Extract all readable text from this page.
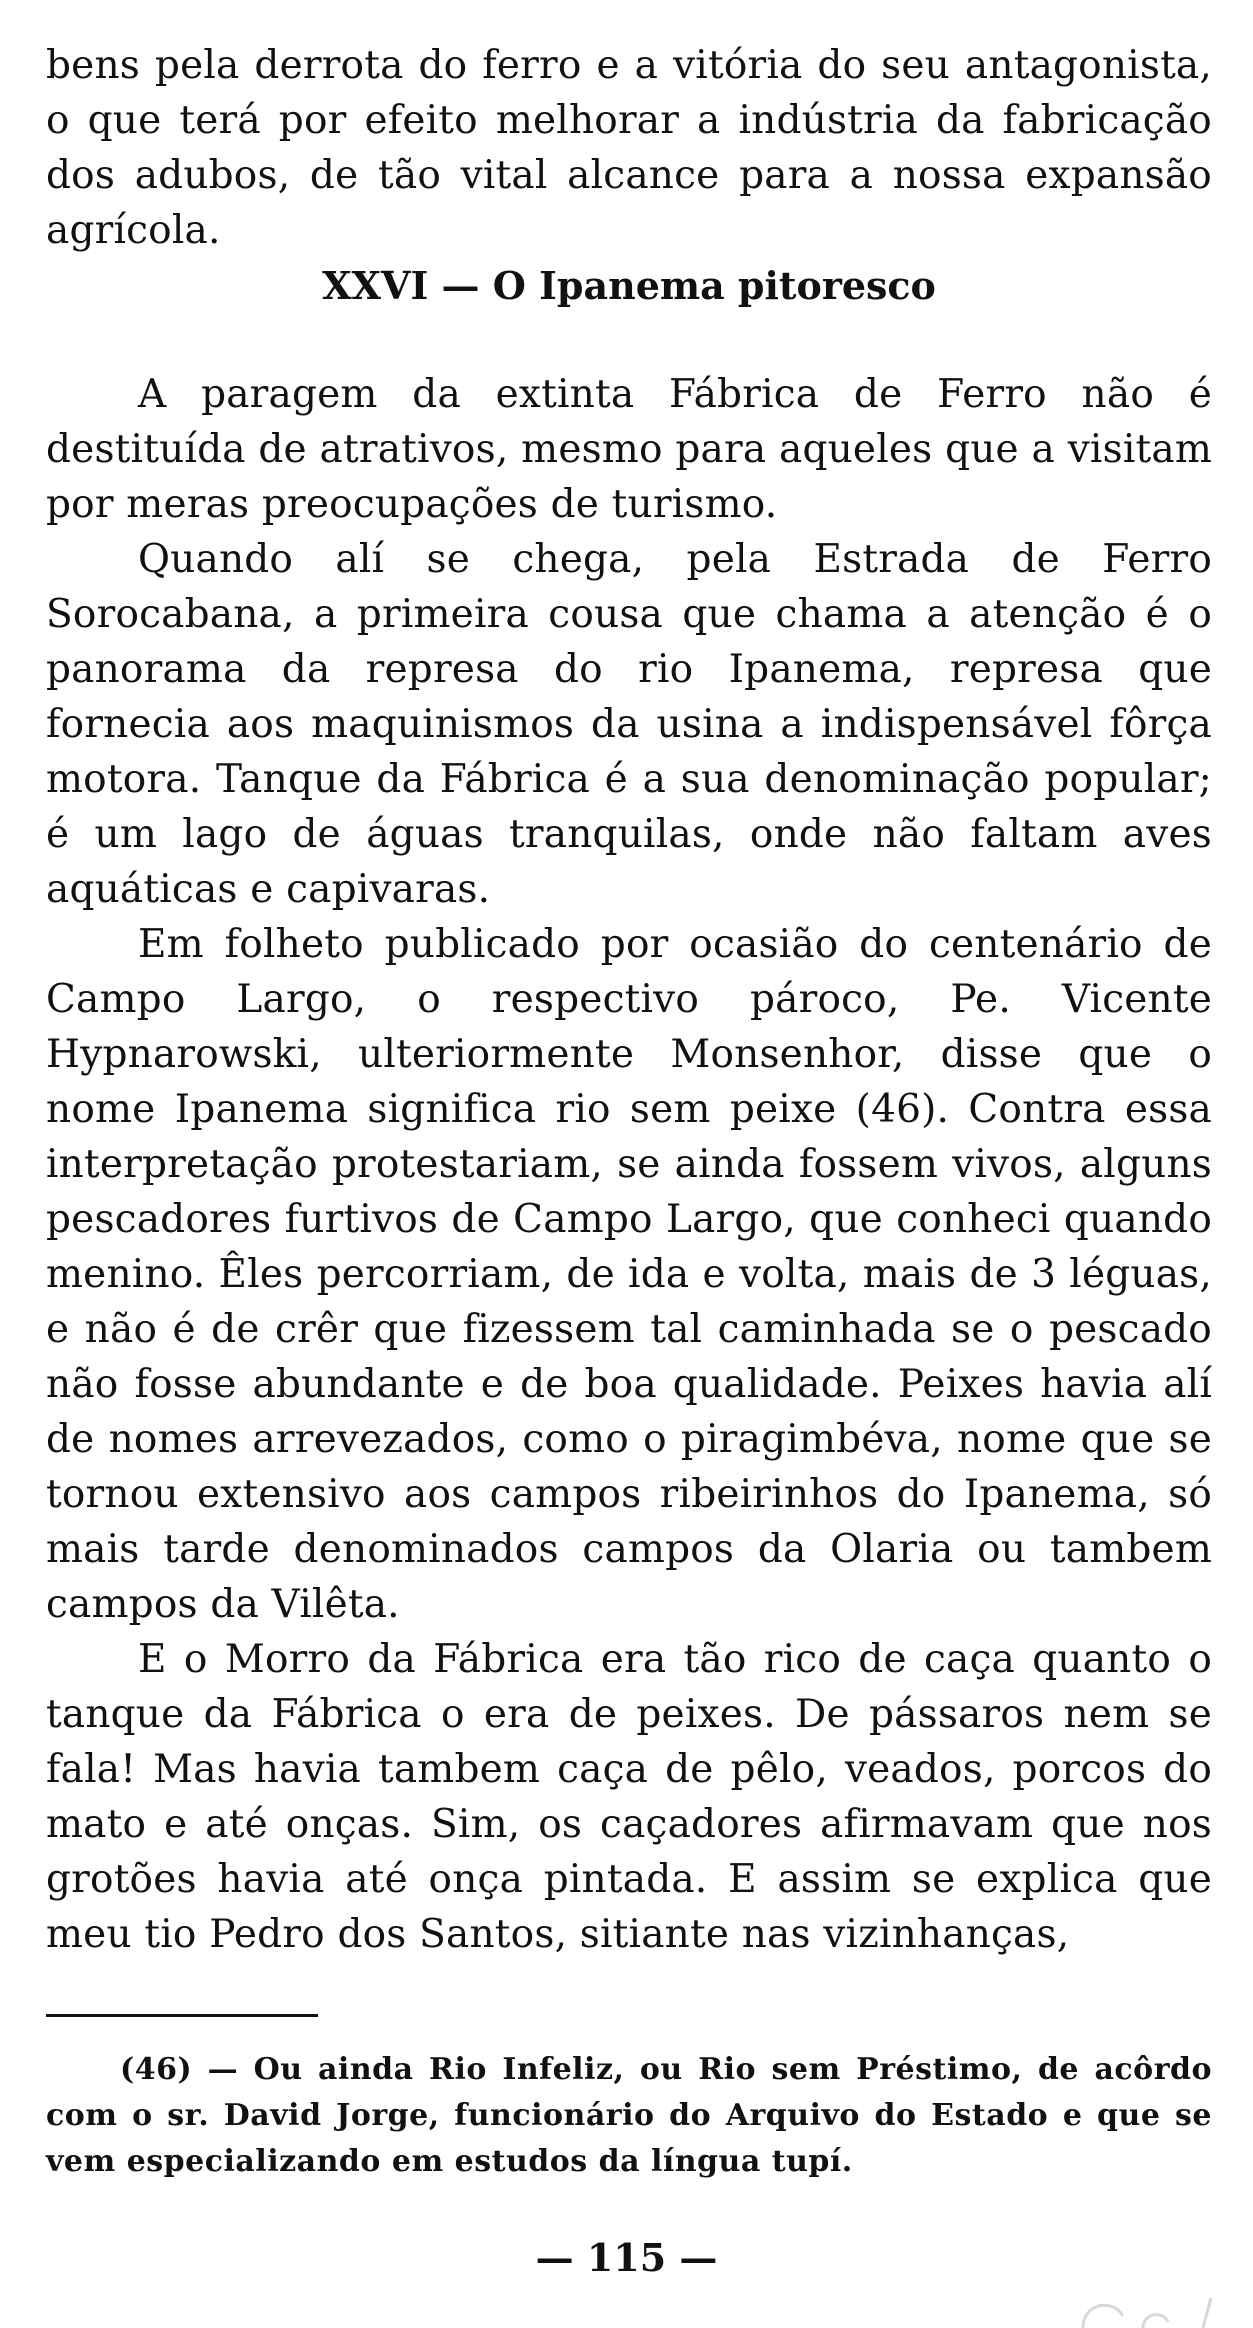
bens pela derrota do ferro e a vitória do seu antagonista, o que terá por efeito melhorar a indústria da fabricação dos adubos, de tão vital alcance para a nossa expansão agrícola.

XXVI — O Ipanema pitoresco

A paragem da extinta Fábrica de Ferro não é destituída de atrativos, mesmo para aqueles que a visitam por meras preocupações de turismo.

Quando alí se chega, pela Estrada de Ferro Sorocabana, a primeira cousa que chama a atenção é o panorama da represa do rio Ipanema, represa que fornecia aos maquinismos da usina a indispensável fôrça motora. Tanque da Fábrica é a sua denominação popular; é um lago de águas tranquilas, onde não faltam aves aquáticas e capivaras.

Em folheto publicado por ocasião do centenário de Campo Largo, o respectivo pároco, Pe. Vicente Hypnarowski, ulteriormente Monsenhor, disse que o nome Ipanema significa rio sem peixe (46). Contra essa interpretação protestariam, se ainda fossem vivos, alguns pescadores furtivos de Campo Largo, que conheci quando menino. Êles percorriam, de ida e volta, mais de 3 léguas, e não é de crêr que fizessem tal caminhada se o pescado não fosse abundante e de boa qualidade. Peixes havia alí de nomes arrevezados, como o piragimbéva, nome que se tornou extensivo aos campos ribeirinhos do Ipanema, só mais tarde denominados campos da Olaria ou tambem campos da Vilêta.

E o Morro da Fábrica era tão rico de caça quanto o tanque da Fábrica o era de peixes. De pássaros nem se fala! Mas havia tambem caça de pêlo, veados, porcos do mato e até onças. Sim, os caçadores afirmavam que nos grotões havia até onça pintada. E assim se explica que meu tio Pedro dos Santos, sitiante nas vizinhanças,

(46) — Ou ainda Rio Infeliz, ou Rio sem Préstimo, de acôrdo com o sr. David Jorge, funcionário do Arquivo do Estado e que se vem especializando em estudos da língua tupí.

— 115 —
